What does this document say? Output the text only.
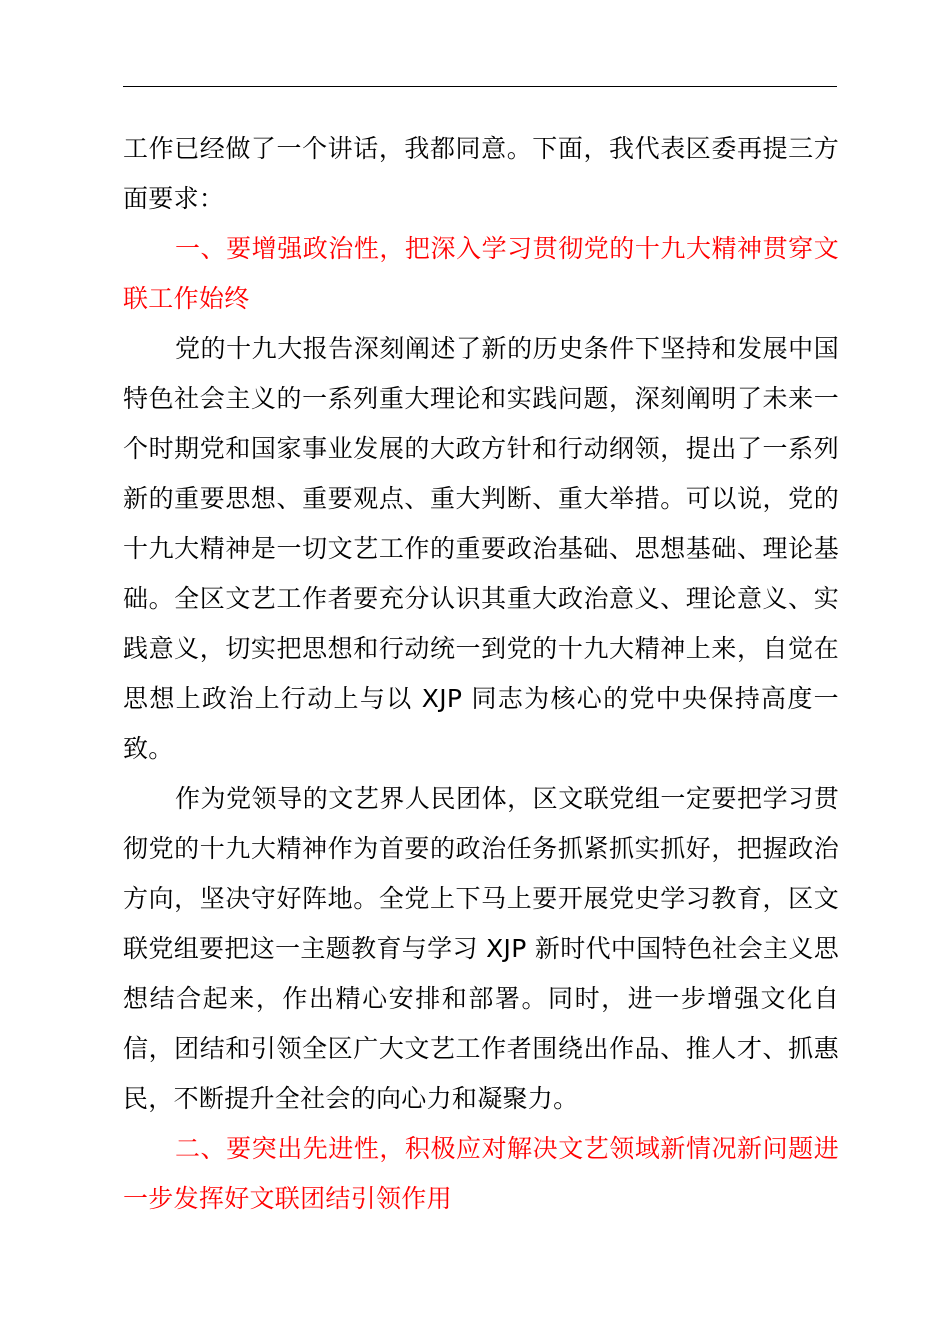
工作已经做了一个讲话，我都同意。下面，我代表区委再提三方面要求：

一、要增强政治性，把深入学习贯彻党的十九大精神贯穿文联工作始终

党的十九大报告深刻阐述了新的历史条件下坚持和发展中国特色社会主义的一系列重大理论和实践问题，深刻阐明了未来一个时期党和国家事业发展的大政方针和行动纲领，提出了一系列新的重要思想、重要观点、重大判断、重大举措。可以说，党的十九大精神是一切文艺工作的重要政治基础、思想基础、理论基础。全区文艺工作者要充分认识其重大政治意义、理论意义、实践意义，切实把思想和行动统一到党的十九大精神上来，自觉在思想上政治上行动上与以 XJP 同志为核心的党中央保持高度一致。

作为党领导的文艺界人民团体，区文联党组一定要把学习贯彻党的十九大精神作为首要的政治任务抓紧抓实抓好，把握政治方向，坚决守好阵地。全党上下马上要开展党史学习教育，区文联党组要把这一主题教育与学习 XJP 新时代中国特色社会主义思想结合起来，作出精心安排和部署。同时，进一步增强文化自信，团结和引领全区广大文艺工作者围绕出作品、推人才、抓惠民，不断提升全社会的向心力和凝聚力。

二、要突出先进性，积极应对解决文艺领域新情况新问题进一步发挥好文联团结引领作用
